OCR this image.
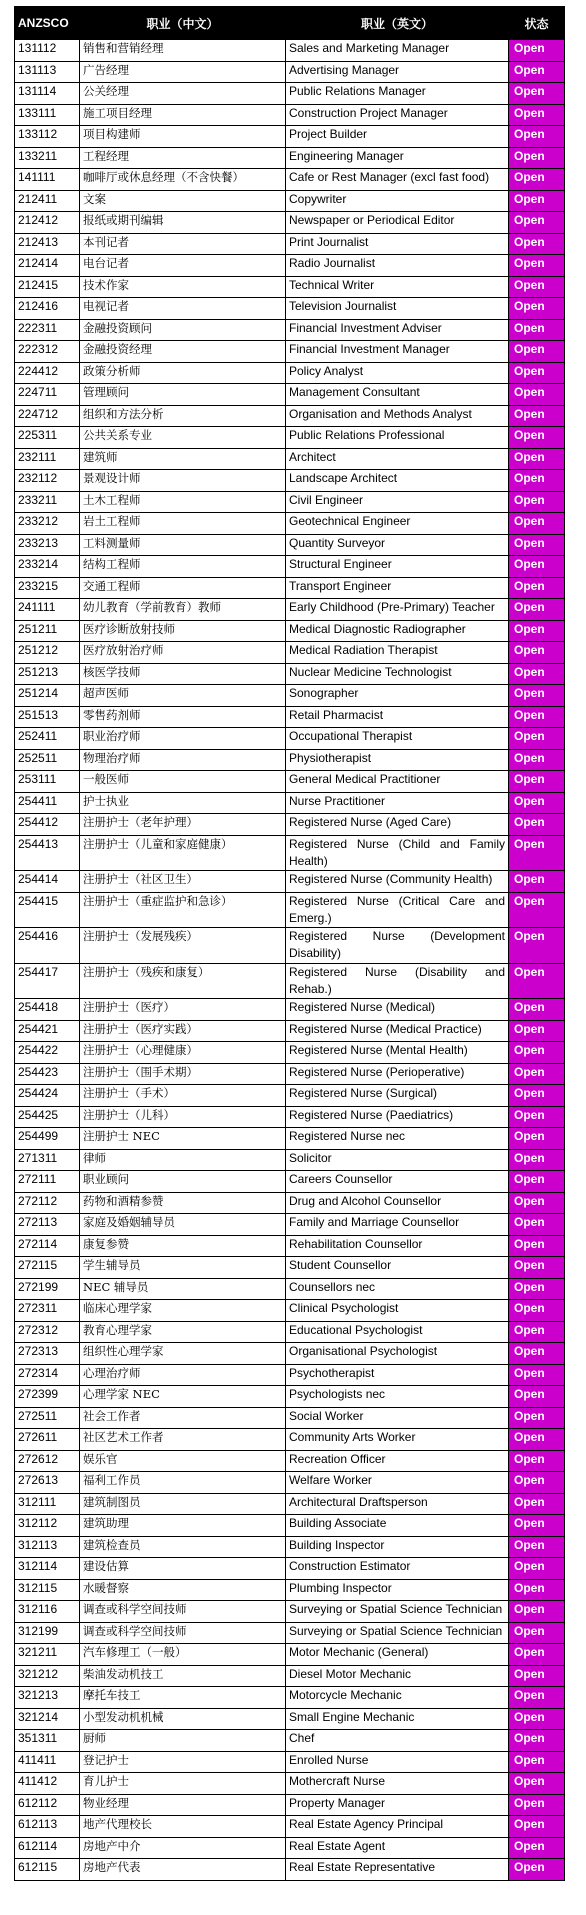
ANZSCO	职业（中文）	职业（英文）	状态
131112	销售和营销经理	Sales and Marketing Manager	Open
131113	广告经理	Advertising Manager	Open
131114	公关经理	Public Relations Manager	Open
133111	施工项目经理	Construction Project Manager	Open
133112	项目构建师	Project Builder	Open
133211	工程经理	Engineering Manager	Open
141111	咖啡厅或休息经理（不含快餐）	Cafe or Rest Manager (excl fast food)	Open
212411	文案	Copywriter	Open
212412	报纸或期刊编辑	Newspaper or Periodical Editor	Open
212413	本刊记者	Print Journalist	Open
212414	电台记者	Radio Journalist	Open
212415	技术作家	Technical Writer	Open
212416	电视记者	Television Journalist	Open
222311	金融投资顾问	Financial Investment Adviser	Open
222312	金融投资经理	Financial Investment Manager	Open
224412	政策分析师	Policy Analyst	Open
224711	管理顾问	Management Consultant	Open
224712	组织和方法分析	Organisation and Methods Analyst	Open
225311	公共关系专业	Public Relations Professional	Open
232111	建筑师	Architect	Open
232112	景观设计师	Landscape Architect	Open
233211	土木工程师	Civil Engineer	Open
233212	岩土工程师	Geotechnical Engineer	Open
233213	工料测量师	Quantity Surveyor	Open
233214	结构工程师	Structural Engineer	Open
233215	交通工程师	Transport Engineer	Open
241111	幼儿教育（学前教育）教师	Early Childhood (Pre-Primary) Teacher	Open
251211	医疗诊断放射技师	Medical Diagnostic Radiographer	Open
251212	医疗放射治疗师	Medical Radiation Therapist	Open
251213	核医学技师	Nuclear Medicine Technologist	Open
251214	超声医师	Sonographer	Open
251513	零售药剂师	Retail Pharmacist	Open
252411	职业治疗师	Occupational Therapist	Open
252511	物理治疗师	Physiotherapist	Open
253111	一般医师	General Medical Practitioner	Open
254411	护士执业	Nurse Practitioner	Open
254412	注册护士（老年护理）	Registered Nurse (Aged Care)	Open
254413	注册护士（儿童和家庭健康）	Registered Nurse (Child and Family Health)	Open
254414	注册护士（社区卫生）	Registered Nurse (Community Health)	Open
254415	注册护士（重症监护和急诊）	Registered Nurse (Critical Care and Emerg.)	Open
254416	注册护士（发展残疾）	Registered Nurse (Development Disability)	Open
254417	注册护士（残疾和康复）	Registered Nurse (Disability and Rehab.)	Open
254418	注册护士（医疗）	Registered Nurse (Medical)	Open
254421	注册护士（医疗实践）	Registered Nurse (Medical Practice)	Open
254422	注册护士（心理健康）	Registered Nurse (Mental Health)	Open
254423	注册护士（围手术期）	Registered Nurse (Perioperative)	Open
254424	注册护士（手术）	Registered Nurse (Surgical)	Open
254425	注册护士（儿科）	Registered Nurse (Paediatrics)	Open
254499	注册护士 NEC	Registered Nurse nec	Open
271311	律师	Solicitor	Open
272111	职业顾问	Careers Counsellor	Open
272112	药物和酒精参赞	Drug and Alcohol Counsellor	Open
272113	家庭及婚姻辅导员	Family and Marriage Counsellor	Open
272114	康复参赞	Rehabilitation Counsellor	Open
272115	学生辅导员	Student Counsellor	Open
272199	NEC 辅导员	Counsellors nec	Open
272311	临床心理学家	Clinical Psychologist	Open
272312	教育心理学家	Educational Psychologist	Open
272313	组织性心理学家	Organisational Psychologist	Open
272314	心理治疗师	Psychotherapist	Open
272399	心理学家 NEC	Psychologists nec	Open
272511	社会工作者	Social Worker	Open
272611	社区艺术工作者	Community Arts Worker	Open
272612	娱乐官	Recreation Officer	Open
272613	福利工作员	Welfare Worker	Open
312111	建筑制图员	Architectural Draftsperson	Open
312112	建筑助理	Building Associate	Open
312113	建筑检查员	Building Inspector	Open
312114	建设估算	Construction Estimator	Open
312115	水暖督察	Plumbing Inspector	Open
312116	调查或科学空间技师	Surveying or Spatial Science Technician	Open
312199	调查或科学空间技师	Surveying or Spatial Science Technician	Open
321211	汽车修理工（一般）	Motor Mechanic (General)	Open
321212	柴油发动机技工	Diesel Motor Mechanic	Open
321213	摩托车技工	Motorcycle Mechanic	Open
321214	小型发动机机械	Small Engine Mechanic	Open
351311	厨师	Chef	Open
411411	登记护士	Enrolled Nurse	Open
411412	育儿护士	Mothercraft Nurse	Open
612112	物业经理	Property Manager	Open
612113	地产代理校长	Real Estate Agency Principal	Open
612114	房地产中介	Real Estate Agent	Open
612115	房地产代表	Real Estate Representative	Open
